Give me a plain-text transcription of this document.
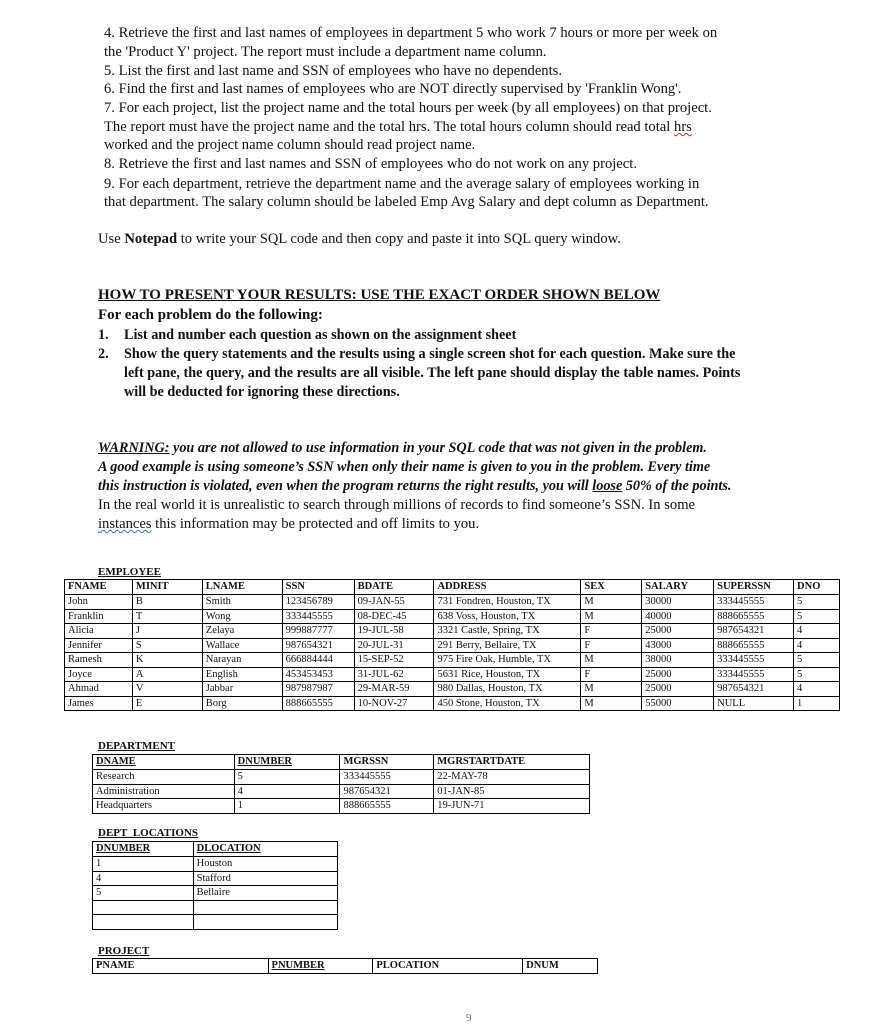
4. Retrieve the first and last names of employees in department 5 who work 7 hours or more per week on
the 'Product Y' project. The report must include a department name column.
5. List the first and last name and SSN of employees who have no dependents.
6. Find the first and last names of employees who are NOT directly supervised by 'Franklin Wong'.
7. For each project, list the project name and the total hours per week (by all employees) on that project.
The report must have the project name and the total hrs. The total hours column should read total hrs
worked and the project name column should read project name.
8. Retrieve the first and last names and SSN of employees who do not work on any project.
9. For each department, retrieve the department name and the average salary of employees working in
that department. The salary column should be labeled Emp Avg Salary and dept column as Department.
Use Notepad to write your SQL code and then copy and paste it into SQL query window.
HOW TO PRESENT YOUR RESULTS: USE THE EXACT ORDER SHOWN BELOW
For each problem do the following:
1. List and number each question as shown on the assignment sheet
2. Show the query statements and the results using a single screen shot for each question. Make sure the
left pane, the query, and the results are all visible. The left pane should display the table names. Points
will be deducted for ignoring these directions.
WARNING: you are not allowed to use information in your SQL code that was not given in the problem.
A good example is using someone’s SSN when only their name is given to you in the problem. Every time
this instruction is violated, even when the program returns the right results, you will loose 50% of the points.
In the real world it is unrealistic to search through millions of records to find someone’s SSN. In some
instances this information may be protected and off limits to you.
EMPLOYEE
FNAME	MINIT	LNAME	SSN	BDATE	ADDRESS	SEX	SALARY	SUPERSSN	DNO
John	B	Smith	123456789	09-JAN-55	731 Fondren, Houston, TX	M	30000	333445555	5
Franklin	T	Wong	333445555	08-DEC-45	638 Voss, Houston, TX	M	40000	888665555	5
Alicia	J	Zelaya	999887777	19-JUL-58	3321 Castle, Spring, TX	F	25000	987654321	4
Jennifer	S	Wallace	987654321	20-JUL-31	291 Berry, Bellaire, TX	F	43000	888665555	4
Ramesh	K	Narayan	666884444	15-SEP-52	975 Fire Oak, Humble, TX	M	38000	333445555	5
Joyce	A	English	453453453	31-JUL-62	5631 Rice, Houston, TX	F	25000	333445555	5
Ahmad	V	Jabbar	987987987	29-MAR-59	980 Dallas, Houston, TX	M	25000	987654321	4
James	E	Borg	888665555	10-NOV-27	450 Stone, Houston, TX	M	55000	NULL	1
DEPARTMENT
DNAME	DNUMBER	MGRSSN	MGRSTARTDATE
Research	5	333445555	22-MAY-78
Administration	4	987654321	01-JAN-85
Headquarters	1	888665555	19-JUN-71
DEPT_LOCATIONS
DNUMBER	DLOCATION
1	Houston
4	Stafford
5	Bellaire

PROJECT
PNAME	PNUMBER	PLOCATION	DNUM
9
